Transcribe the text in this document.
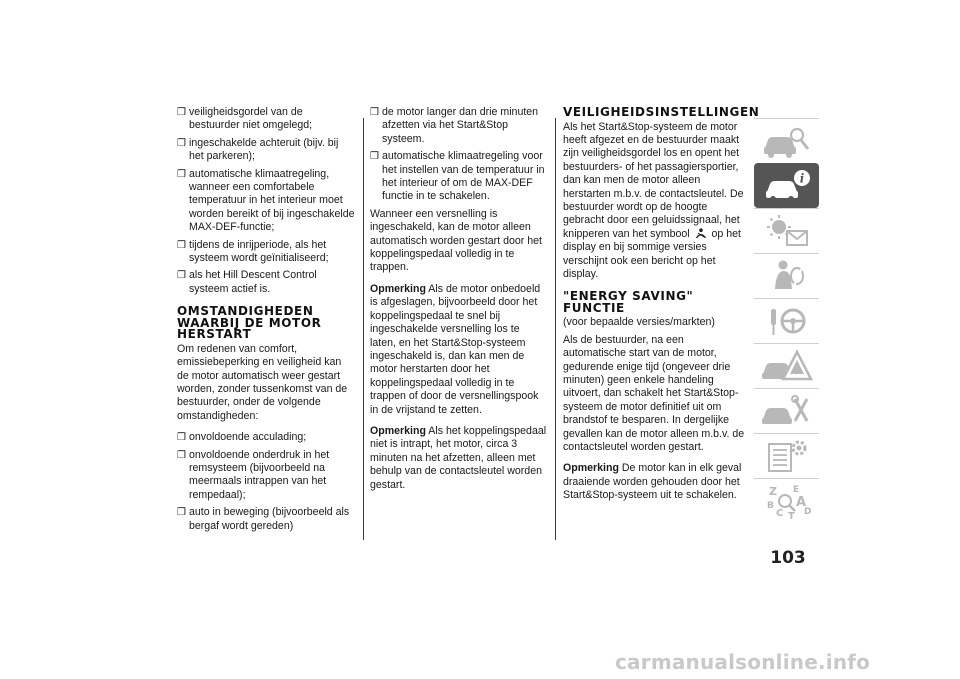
❒ veiligheidsgordel van de bestuurder niet omgelegd;
❒ ingeschakelde achteruit (bijv. bij het parkeren);
❒ automatische klimaatregeling, wanneer een comfortabele temperatuur in het interieur moet worden bereikt of bij ingeschakelde MAX-DEF-functie;
❒ tijdens de inrijperiode, als het systeem wordt geïnitialiseerd;
❒ als het Hill Descent Control systeem actief is.
OMSTANDIGHEDEN WAARBIJ DE MOTOR HERSTART
Om redenen van comfort, emissiebeperking en veiligheid kan de motor automatisch weer gestart worden, zonder tussenkomst van de bestuurder, onder de volgende omstandigheden:
❒ onvoldoende acculading;
❒ onvoldoende onderdruk in het remsysteem (bijvoorbeeld na meermaals intrappen van het rempedaal);
❒ auto in beweging (bijvoorbeeld als bergaf wordt gereden)
❒ de motor langer dan drie minuten afzetten via het Start&Stop systeem.
❒ automatische klimaatregeling voor het instellen van de temperatuur in het interieur of om de MAX-DEF functie in te schakelen.
Wanneer een versnelling is ingeschakeld, kan de motor alleen automatisch worden gestart door het koppelingspedaal volledig in te trappen.
Opmerking Als de motor onbedoeld is afgeslagen, bijvoorbeeld door het koppelingspedaal te snel bij ingeschakelde versnelling los te laten, en het Start&Stop-systeem ingeschakeld is, dan kan men de motor herstarten door het koppelingspedaal volledig in te trappen of door de versnellingspook in de vrijstand te zetten.
Opmerking Als het koppelingspedaal niet is intrapt, het motor, circa 3 minuten na het afzetten, alleen met behulp van de contactsleutel worden gestart.
VEILIGHEIDSINSTELLINGEN
Als het Start&Stop-systeem de motor heeft afgezet en de bestuurder maakt zijn veiligheidsgordel los en opent het bestuurders- of het passagiersportier, dan kan men de motor alleen herstarten m.b.v. de contactsleutel. De bestuurder wordt op de hoogte gebracht door een geluidssignaal, het knipperen van het symbool op het display en bij sommige versies verschijnt ook een bericht op het display.
"ENERGY SAVING" FUNCTIE
(voor bepaalde versies/markten)
Als de bestuurder, na een automatische start van de motor, gedurende enige tijd (ongeveer drie minuten) geen enkele handeling uitvoert, dan schakelt het Start&Stop-systeem de motor definitief uit om brandstof te besparen. In dergelijke gevallen kan de motor alleen m.b.v. de contactsleutel worden gestart.
Opmerking De motor kan in elk geval draaiende worden gehouden door het Start&Stop-systeem uit te schakelen.
i
Z E
B A
C T D
103
carmanualsonline.info
